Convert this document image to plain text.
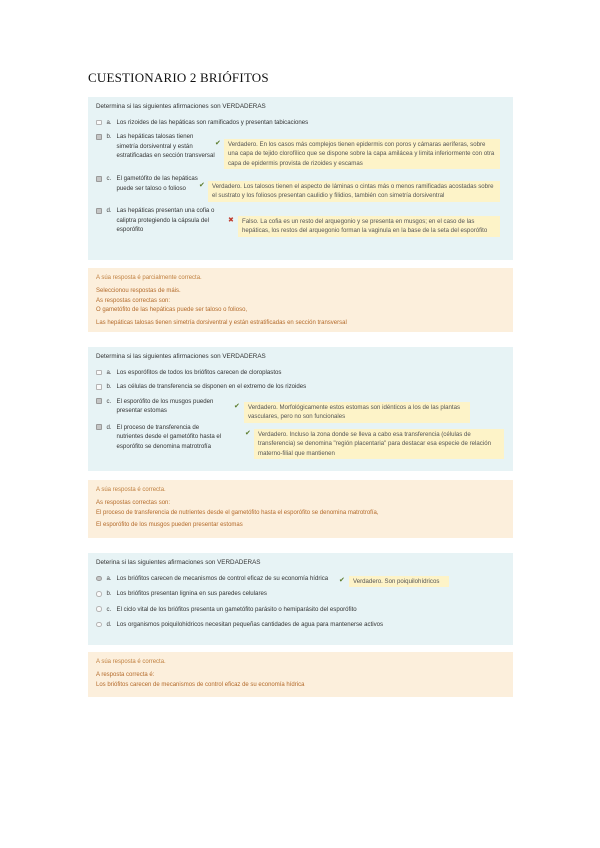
CUESTIONARIO 2 BRIÓFITOS
Determina si las siguientes afirmaciones son VERDADERAS
a. Los rizoides de las hepáticas son ramificados y presentan tabicaciones
b. Las hepáticas talosas tienen simetría dorsiventral y están estratificadas en sección transversal
c. El gametófito de las hepáticas puede ser taloso o folioso
d. Las hepáticas presentan una cofia o caliptra protegiendo la cápsula del esporófito
✔	Verdadero. En los casos más complejos tienen epidermis con poros y cámaras aeríferas, sobre una capa de tejido clorofílico que se dispone sobre la capa amilácea y limita inferiormente con otra capa de epidermis provista de rizoides y escamas
✔	Verdadero. Los talosos tienen el aspecto de láminas o cintas más o menos ramificadas acostadas sobre el sustrato y los foliosos presentan caulidio y filidios, también con simetría dorsiventral
✖	Falso. La cofia es un resto del arquegonio y se presenta en musgos; en el caso de las hepáticas, los restos del arquegonio forman la vaginula en la base de la seta del esporófito
A súa resposta é parcialmente correcta.
Seleccionou respostas de máis.
As respostas correctas son:
O gametófito de las hepáticas puede ser taloso o folioso,
Las hepáticas talosas tienen simetría dorsiventral y están estratificadas en sección transversal
Determina si las siguientes afirmaciones son VERDADERAS
a. Los esporófitos de todos los briófitos carecen de cloroplastos
b. Las células de transferencia se disponen en el extremo de los rizoides
c. El esporófito de los musgos pueden presentar estomas
d. El proceso de transferencia de nutrientes desde el gametófito hasta el esporófito se denomina matrotrofía
✔	Verdadero. Morfológicamente estos estomas son idénticos a los de las plantas vasculares, pero no son funcionales
✔	Verdadero. Incluso la zona donde se lleva a cabo esa transferencia (células de transferencia) se denomina "región placentaria" para destacar esa especie de relación materno-filial que mantienen
A súa resposta é correcta.
As respostas correctas son:
El proceso de transferencia de nutrientes desde el gametófito hasta el esporófito se denomina matrotrofía,
El esporófito de los musgos pueden presentar estomas
Deterina si las siguientes afirmaciones son VERDADERAS
a. Los briófitos carecen de mecanismos de control eficaz de su economía hídrica
b. Los briófitos presentan lignina en sus paredes celulares
c. El ciclo vital de los briófitos presenta un gametófito parásito o hemiparásito del esporófito
d. Los organismos poiquilohídricos necesitan pequeñas cantidades de agua para mantenerse activos
✔	Verdadero. Son poiquilohídricos
A súa resposta é correcta.
A resposta correcta é:
Los briófitos carecen de mecanismos de control eficaz de su economía hídrica
